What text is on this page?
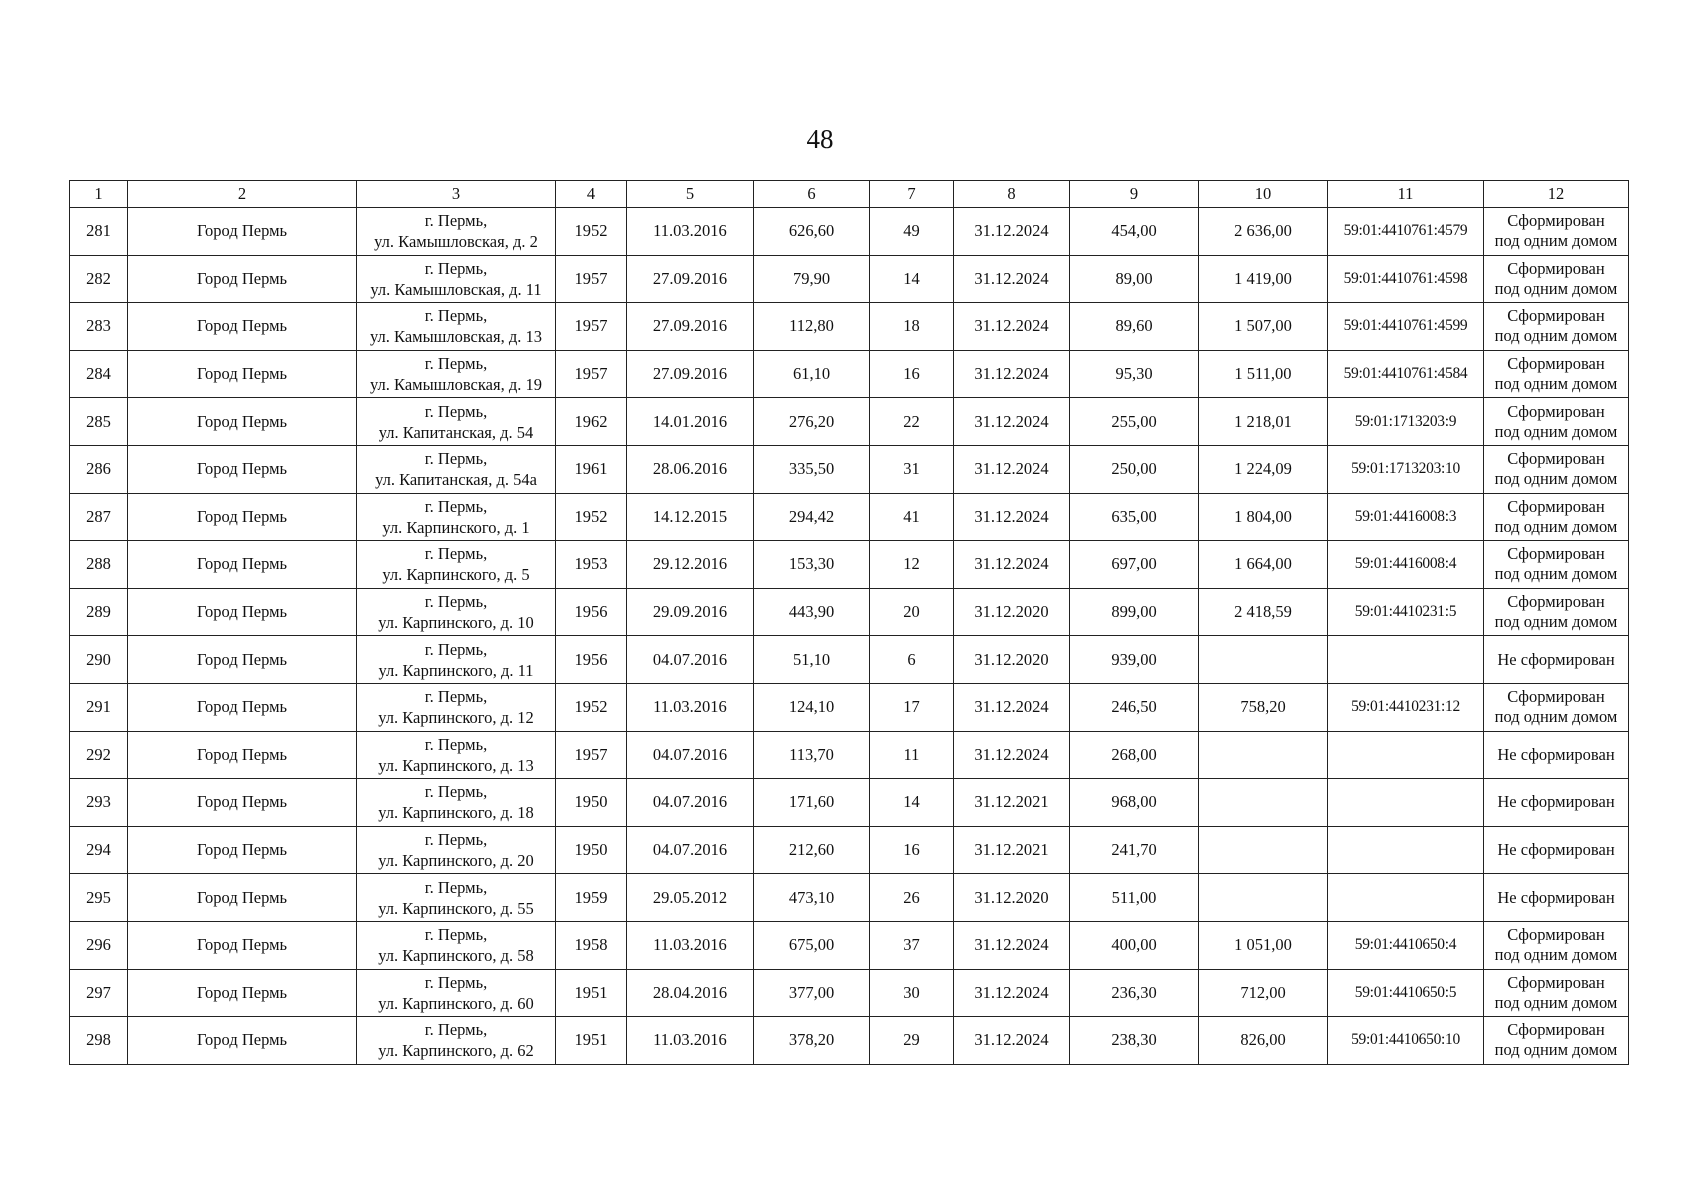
48
1	2	3	4	5	6	7	8	9	10	11	12
281	Город Пермь	г. Пермь,
ул. Камышловская, д. 2	1952	11.03.2016	626,60	49	31.12.2024	454,00	2 636,00	59:01:4410761:4579	Сформирован
под одним домом

282	Город Пермь	г. Пермь,
ул. Камышловская, д. 11	1957	27.09.2016	79,90	14	31.12.2024	89,00	1 419,00	59:01:4410761:4598	Сформирован
под одним домом

283	Город Пермь	г. Пермь,
ул. Камышловская, д. 13	1957	27.09.2016	112,80	18	31.12.2024	89,60	1 507,00	59:01:4410761:4599	Сформирован
под одним домом

284	Город Пермь	г. Пермь,
ул. Камышловская, д. 19	1957	27.09.2016	61,10	16	31.12.2024	95,30	1 511,00	59:01:4410761:4584	Сформирован
под одним домом

285	Город Пермь	г. Пермь,
ул. Капитанская, д. 54	1962	14.01.2016	276,20	22	31.12.2024	255,00	1 218,01	59:01:1713203:9	Сформирован
под одним домом

286	Город Пермь	г. Пермь,
ул. Капитанская, д. 54а	1961	28.06.2016	335,50	31	31.12.2024	250,00	1 224,09	59:01:1713203:10	Сформирован
под одним домом

287	Город Пермь	г. Пермь,
ул. Карпинского, д. 1	1952	14.12.2015	294,42	41	31.12.2024	635,00	1 804,00	59:01:4416008:3	Сформирован
под одним домом

288	Город Пермь	г. Пермь,
ул. Карпинского, д. 5	1953	29.12.2016	153,30	12	31.12.2024	697,00	1 664,00	59:01:4416008:4	Сформирован
под одним домом

289	Город Пермь	г. Пермь,
ул. Карпинского, д. 10	1956	29.09.2016	443,90	20	31.12.2020	899,00	2 418,59	59:01:4410231:5	Сформирован
под одним домом

290	Город Пермь	г. Пермь,
ул. Карпинского, д. 11	1956	04.07.2016	51,10	6	31.12.2020	939,00			Не сформирован

291	Город Пермь	г. Пермь,
ул. Карпинского, д. 12	1952	11.03.2016	124,10	17	31.12.2024	246,50	758,20	59:01:4410231:12	Сформирован
под одним домом

292	Город Пермь	г. Пермь,
ул. Карпинского, д. 13	1957	04.07.2016	113,70	11	31.12.2024	268,00			Не сформирован

293	Город Пермь	г. Пермь,
ул. Карпинского, д. 18	1950	04.07.2016	171,60	14	31.12.2021	968,00			Не сформирован

294	Город Пермь	г. Пермь,
ул. Карпинского, д. 20	1950	04.07.2016	212,60	16	31.12.2021	241,70			Не сформирован

295	Город Пермь	г. Пермь,
ул. Карпинского, д. 55	1959	29.05.2012	473,10	26	31.12.2020	511,00			Не сформирован

296	Город Пермь	г. Пермь,
ул. Карпинского, д. 58	1958	11.03.2016	675,00	37	31.12.2024	400,00	1 051,00	59:01:4410650:4	Сформирован
под одним домом

297	Город Пермь	г. Пермь,
ул. Карпинского, д. 60	1951	28.04.2016	377,00	30	31.12.2024	236,30	712,00	59:01:4410650:5	Сформирован
под одним домом

298	Город Пермь	г. Пермь,
ул. Карпинского, д. 62	1951	11.03.2016	378,20	29	31.12.2024	238,30	826,00	59:01:4410650:10	Сформирован
под одним домом
